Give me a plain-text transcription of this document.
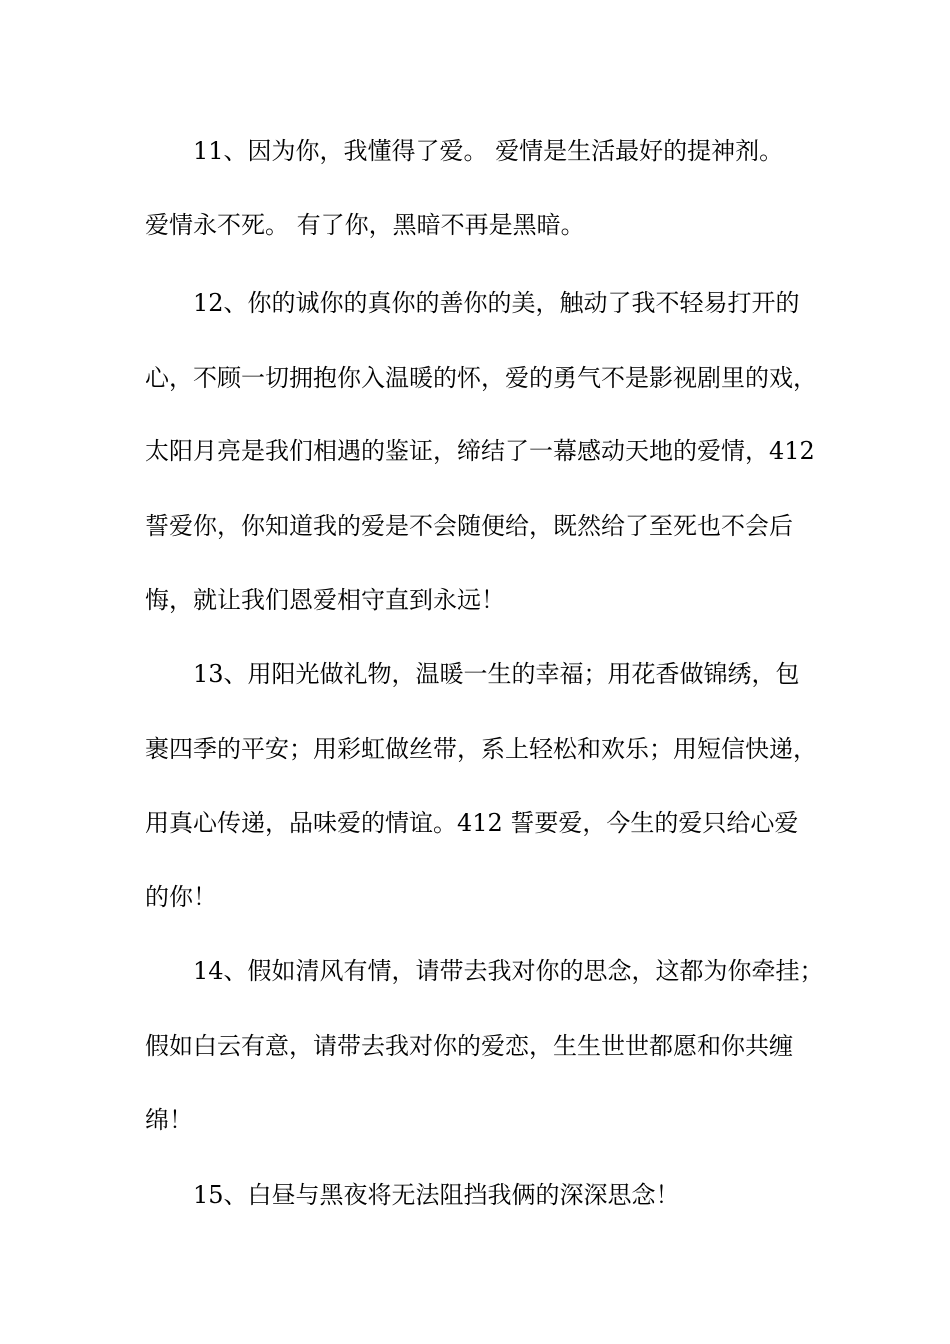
11、因为你，我懂得了爱。 爱情是生活最好的提神剂。
爱情永不死。 有了你，黑暗不再是黑暗。
12、你的诚你的真你的善你的美，触动了我不轻易打开的
心，不顾一切拥抱你入温暖的怀，爱的勇气不是影视剧里的戏，
太阳月亮是我们相遇的鉴证，缔结了一幕感动天地的爱情，412
誓爱你，你知道我的爱是不会随便给，既然给了至死也不会后
悔，就让我们恩爱相守直到永远！
13、用阳光做礼物，温暖一生的幸福；用花香做锦绣，包
裹四季的平安；用彩虹做丝带，系上轻松和欢乐；用短信快递，
用真心传递，品味爱的情谊。412 誓要爱，今生的爱只给心爱
的你！
14、假如清风有情，请带去我对你的思念，这都为你牵挂；
假如白云有意，请带去我对你的爱恋，生生世世都愿和你共缠
绵！
15、白昼与黑夜将无法阻挡我俩的深深思念！
